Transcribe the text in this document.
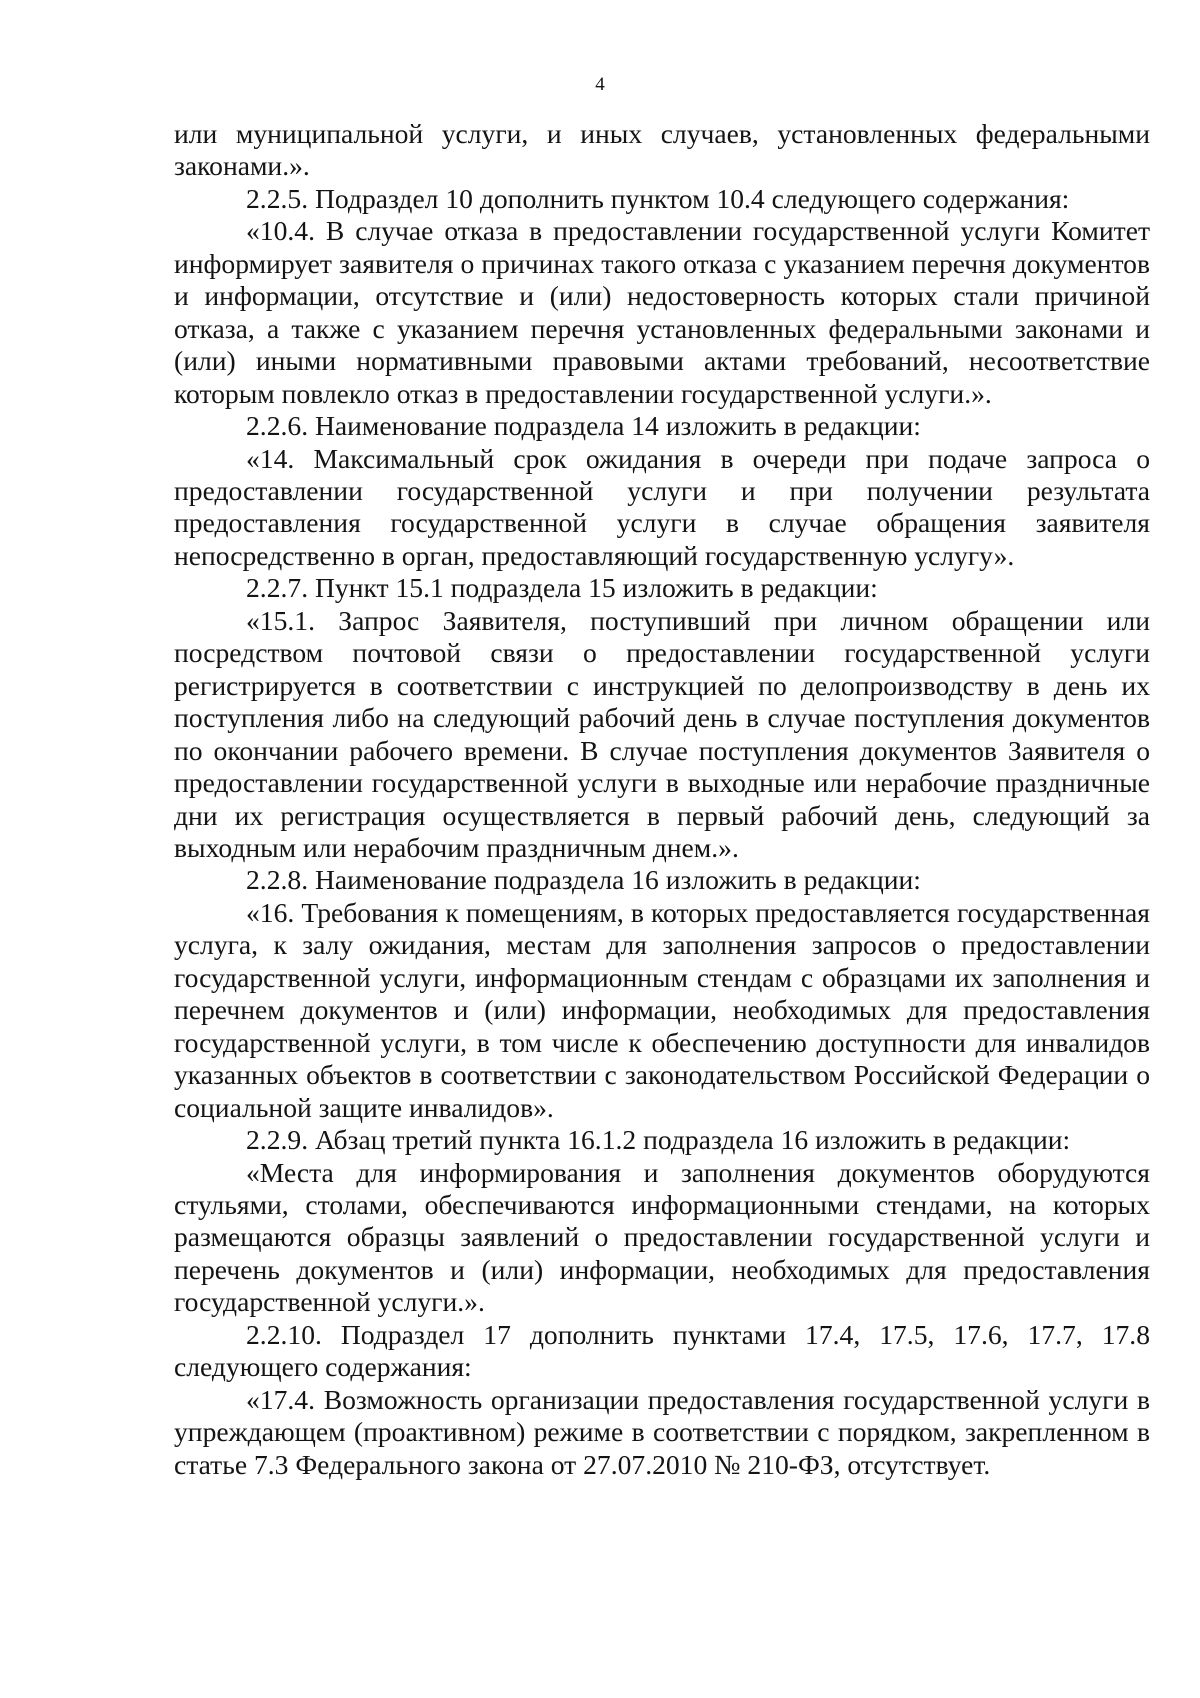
4

или муниципальной услуги, и иных случаев, установленных федеральными законами.».

2.2.5. Подраздел 10 дополнить пунктом 10.4 следующего содержания:

«10.4. В случае отказа в предоставлении государственной услуги Комитет информирует заявителя о причинах такого отказа с указанием перечня документов и информации, отсутствие и (или) недостоверность которых стали причиной отказа, а также с указанием перечня установленных федеральными законами и (или) иными нормативными правовыми актами требований, несоответствие которым повлекло отказ в предоставлении государственной услуги.».

2.2.6. Наименование подраздела 14 изложить в редакции:

«14. Максимальный срок ожидания в очереди при подаче запроса о предоставлении государственной услуги и при получении результата предоставления государственной услуги в случае обращения заявителя непосредственно в орган, предоставляющий государственную услугу».

2.2.7. Пункт 15.1 подраздела 15 изложить в редакции:

«15.1. Запрос Заявителя, поступивший при личном обращении или посредством почтовой связи о предоставлении государственной услуги регистрируется в соответствии с инструкцией по делопроизводству в день их поступления либо на следующий рабочий день в случае поступления документов по окончании рабочего времени. В случае поступления документов Заявителя о предоставлении государственной услуги в выходные или нерабочие праздничные дни их регистрация осуществляется в первый рабочий день, следующий за выходным или нерабочим праздничным днем.».

2.2.8. Наименование подраздела 16 изложить в редакции:

«16. Требования к помещениям, в которых предоставляется государственная услуга, к залу ожидания, местам для заполнения запросов о предоставлении государственной услуги, информационным стендам с образцами их заполнения и перечнем документов и (или) информации, необходимых для предоставления государственной услуги, в том числе к обеспечению доступности для инвалидов указанных объектов в соответствии с законодательством Российской Федерации о социальной защите инвалидов».

2.2.9. Абзац третий пункта 16.1.2 подраздела 16 изложить в редакции:

«Места для информирования и заполнения документов оборудуются стульями, столами, обеспечиваются информационными стендами, на которых размещаются образцы заявлений о предоставлении государственной услуги и перечень документов и (или) информации, необходимых для предоставления государственной услуги.».

2.2.10. Подраздел 17 дополнить пунктами 17.4, 17.5, 17.6, 17.7, 17.8 следующего содержания:

«17.4. Возможность организации предоставления государственной услуги в упреждающем (проактивном) режиме в соответствии с порядком, закрепленном в статье 7.3 Федерального закона от 27.07.2010 № 210-ФЗ, отсутствует.
